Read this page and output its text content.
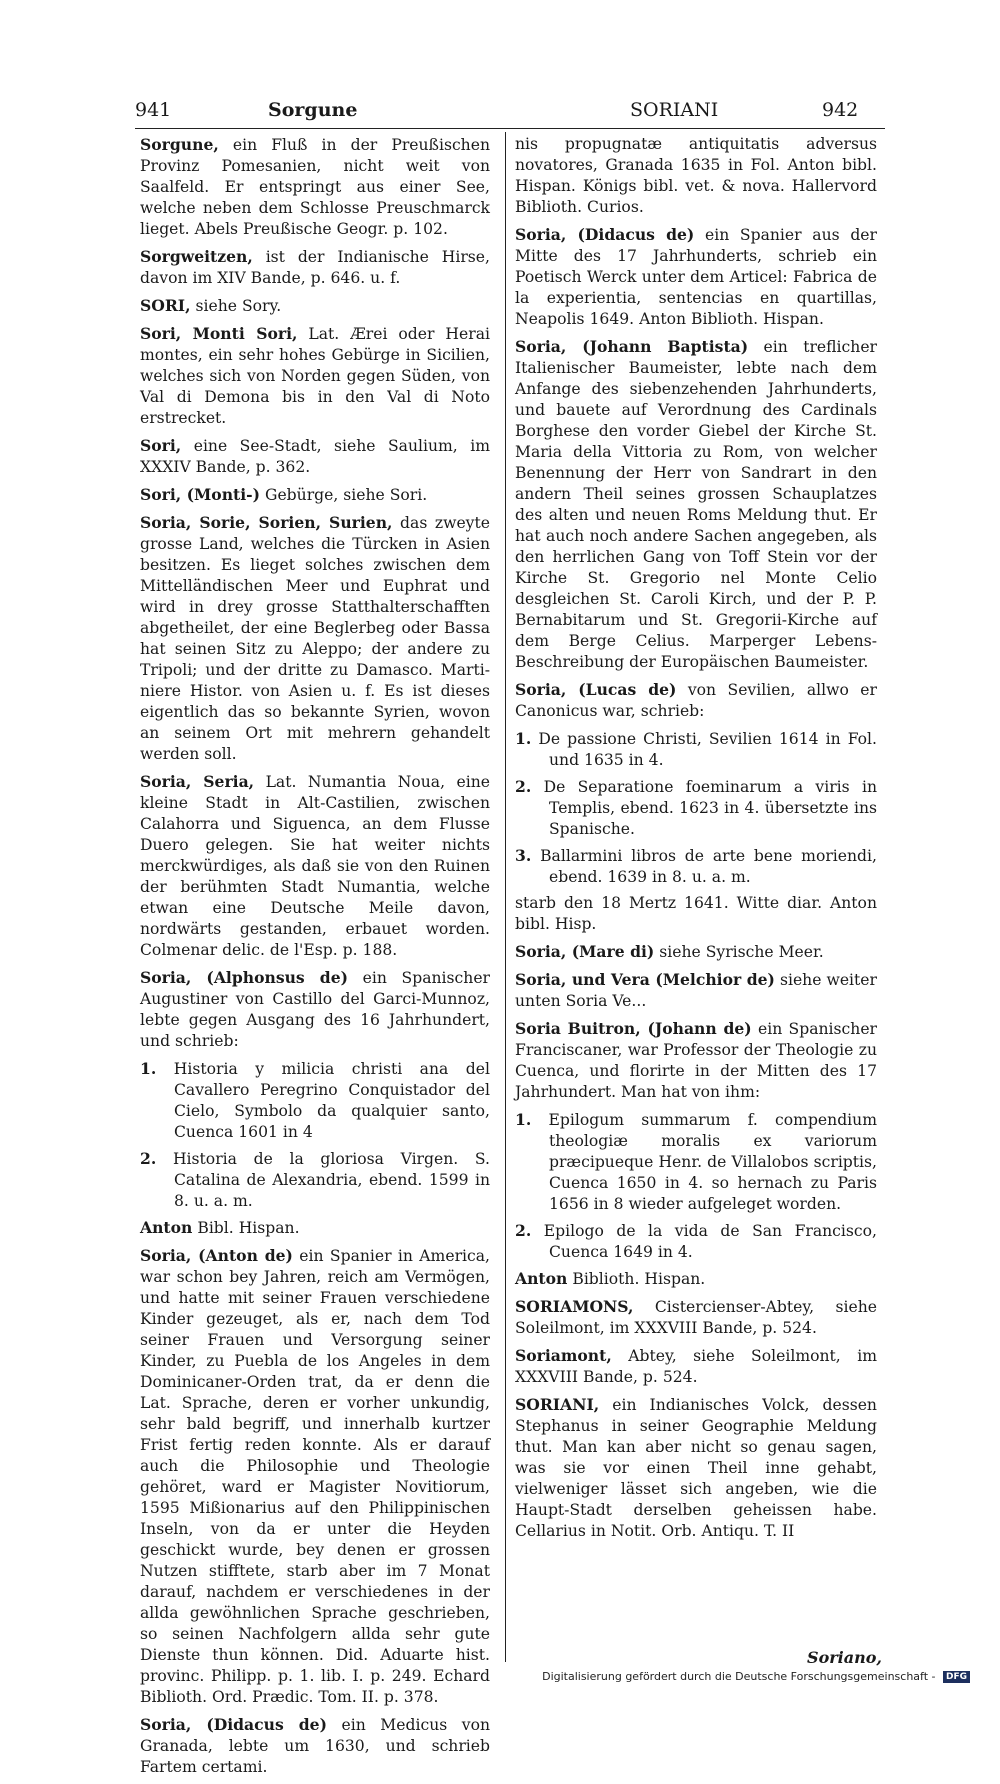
941	Sorgune	SORIANI	942
Sorgune, ein Fluß in der Preußischen Provinz Pomesanien, nicht weit von Saalfeld. Er entspringt aus einer See, welche neben dem Schlosse Preuschmarck lieget. Abels Preußische Geogr. p. 102.
Sorgweitzen, ist der Indianische Hirse, davon im XIV Bande, p. 646. u. f.
SORI, siehe Sory.
Sori, Monti Sori, Lat. Ærei oder Herai montes, ein sehr hohes Gebürge in Sicilien, welches sich von Norden gegen Süden, von Val di Demona bis in den Val di Noto erstrecket.
Sori, eine See-Stadt, siehe Saulium, im XXXIV Bande, p. 362.
Sori, (Monti-) Gebürge, siehe Sori.
Soria, Sorie, Sorien, Surien, das zweyte grosse Land, welches die Türcken in Asien besitzen. Es lieget solches zwischen dem Mittelländischen Meer und Euphrat und wird in drey grosse Statthalterschafften abgetheilet, der eine Beglerbeg oder Bassa hat seinen Sitz zu Aleppo; der andere zu Tripoli; und der dritte zu Damasco. Marti-niere Histor. von Asien u. f. Es ist dieses eigentlich das so bekannte Syrien, wovon an seinem Ort mit mehrern gehandelt werden soll.
Soria, Seria, Lat. Numantia Noua, eine kleine Stadt in Alt-Castilien, zwischen Calahorra und Siguenca, an dem Flusse Duero gelegen. Sie hat weiter nichts merckwürdiges, als daß sie von den Ruinen der berühmten Stadt Numantia, welche etwan eine Deutsche Meile davon, nordwärts gestanden, erbauet worden. Colmenar delic. de l'Esp. p. 188.
Soria, (Alphonsus de) ein Spanischer Augustiner von Castillo del Garci-Munnoz, lebte gegen Ausgang des 16 Jahrhundert, und schrieb:
1. Historia y milicia christi ana del Cavallero Peregrino Conquistador del Cielo, Symbolo da qualquier santo, Cuenca 1601 in 4
2. Historia de la gloriosa Virgen. S. Catalina de Alexandria, ebend. 1599 in 8. u. a. m.
Anton Bibl. Hispan.
Soria, (Anton de) ein Spanier in America, war schon bey Jahren, reich am Vermögen, und hatte mit seiner Frauen verschiedene Kinder gezeuget, als er, nach dem Tod seiner Frauen und Versorgung seiner Kinder, zu Puebla de los Angeles in dem Dominicaner-Orden trat, da er denn die Lat. Sprache, deren er vorher unkundig, sehr bald begriff, und innerhalb kurtzer Frist fertig reden konnte. Als er darauf auch die Philosophie und Theologie gehöret, ward er Magister Novitiorum, 1595 Mißionarius auf den Philippinischen Inseln, von da er unter die Heyden geschickt wurde, bey denen er grossen Nutzen stifftete, starb aber im 7 Monat darauf, nachdem er verschiedenes in der allda gewöhnlichen Sprache geschrieben, so seinen Nachfolgern allda sehr gute Dienste thun können. Did. Aduarte hist. provinc. Philipp. p. 1. lib. I. p. 249. Echard Biblioth. Ord. Prædic. Tom. II. p. 378.
Soria, (Didacus de) ein Medicus von Granada, lebte um 1630, und schrieb Fartem certami.
nis propugnatæ antiquitatis adversus novatores, Granada 1635 in Fol. Anton bibl. Hispan. Königs bibl. vet. & nova. Hallervord Biblioth. Curios.
Soria, (Didacus de) ein Spanier aus der Mitte des 17 Jahrhunderts, schrieb ein Poetisch Werck unter dem Articel: Fabrica de la experientia, sentencias en quartillas, Neapolis 1649. Anton Biblioth. Hispan.
Soria, (Johann Baptista) ein treflicher Italienischer Baumeister, lebte nach dem Anfange des siebenzehenden Jahrhunderts, und bauete auf Verordnung des Cardinals Borghese den vorder Giebel der Kirche St. Maria della Vittoria zu Rom, von welcher Benennung der Herr von Sandrart in den andern Theil seines grossen Schauplatzes des alten und neuen Roms Meldung thut. Er hat auch noch andere Sachen angegeben, als den herrlichen Gang von Toff Stein vor der Kirche St. Gregorio nel Monte Celio desgleichen St. Caroli Kirch, und der P. P. Bernabitarum und St. Gregorii-Kirche auf dem Berge Celius. Marperger Lebens-Beschreibung der Europäischen Baumeister.
Soria, (Lucas de) von Sevilien, allwo er Canonicus war, schrieb:
1. De passione Christi, Sevilien 1614 in Fol. und 1635 in 4.
2. De Separatione foeminarum a viris in Templis, ebend. 1623 in 4. übersetzte ins Spanische.
3. Ballarmini libros de arte bene moriendi, ebend. 1639 in 8. u. a. m.
starb den 18 Mertz 1641. Witte diar. Anton bibl. Hisp.
Soria, (Mare di) siehe Syrische Meer.
Soria, und Vera (Melchior de) siehe weiter unten Soria Ve...
Soria Buitron, (Johann de) ein Spanischer Franciscaner, war Professor der Theologie zu Cuenca, und florirte in der Mitten des 17 Jahrhundert. Man hat von ihm:
1. Epilogum summarum f. compendium theologiæ moralis ex variorum præcipueque Henr. de Villalobos scriptis, Cuenca 1650 in 4. so hernach zu Paris 1656 in 8 wieder aufgeleget worden.
2. Epilogo de la vida de San Francisco, Cuenca 1649 in 4.
Anton Biblioth. Hispan.
SORIAMONS, Cistercienser-Abtey, siehe Soleilmont, im XXXVIII Bande, p. 524.
Soriamont, Abtey, siehe Soleilmont, im XXXVIII Bande, p. 524.
SORIANI, ein Indianisches Volck, dessen Stephanus in seiner Geographie Meldung thut. Man kan aber nicht so genau sagen, was sie vor einen Theil inne gehabt, vielweniger lässet sich angeben, wie die Haupt-Stadt derselben geheissen habe. Cellarius in Notit. Orb. Antiqu. T. II
Soriano,
Digitalisierung gefördert durch die Deutsche Forschungsgemeinschaft - DFG
